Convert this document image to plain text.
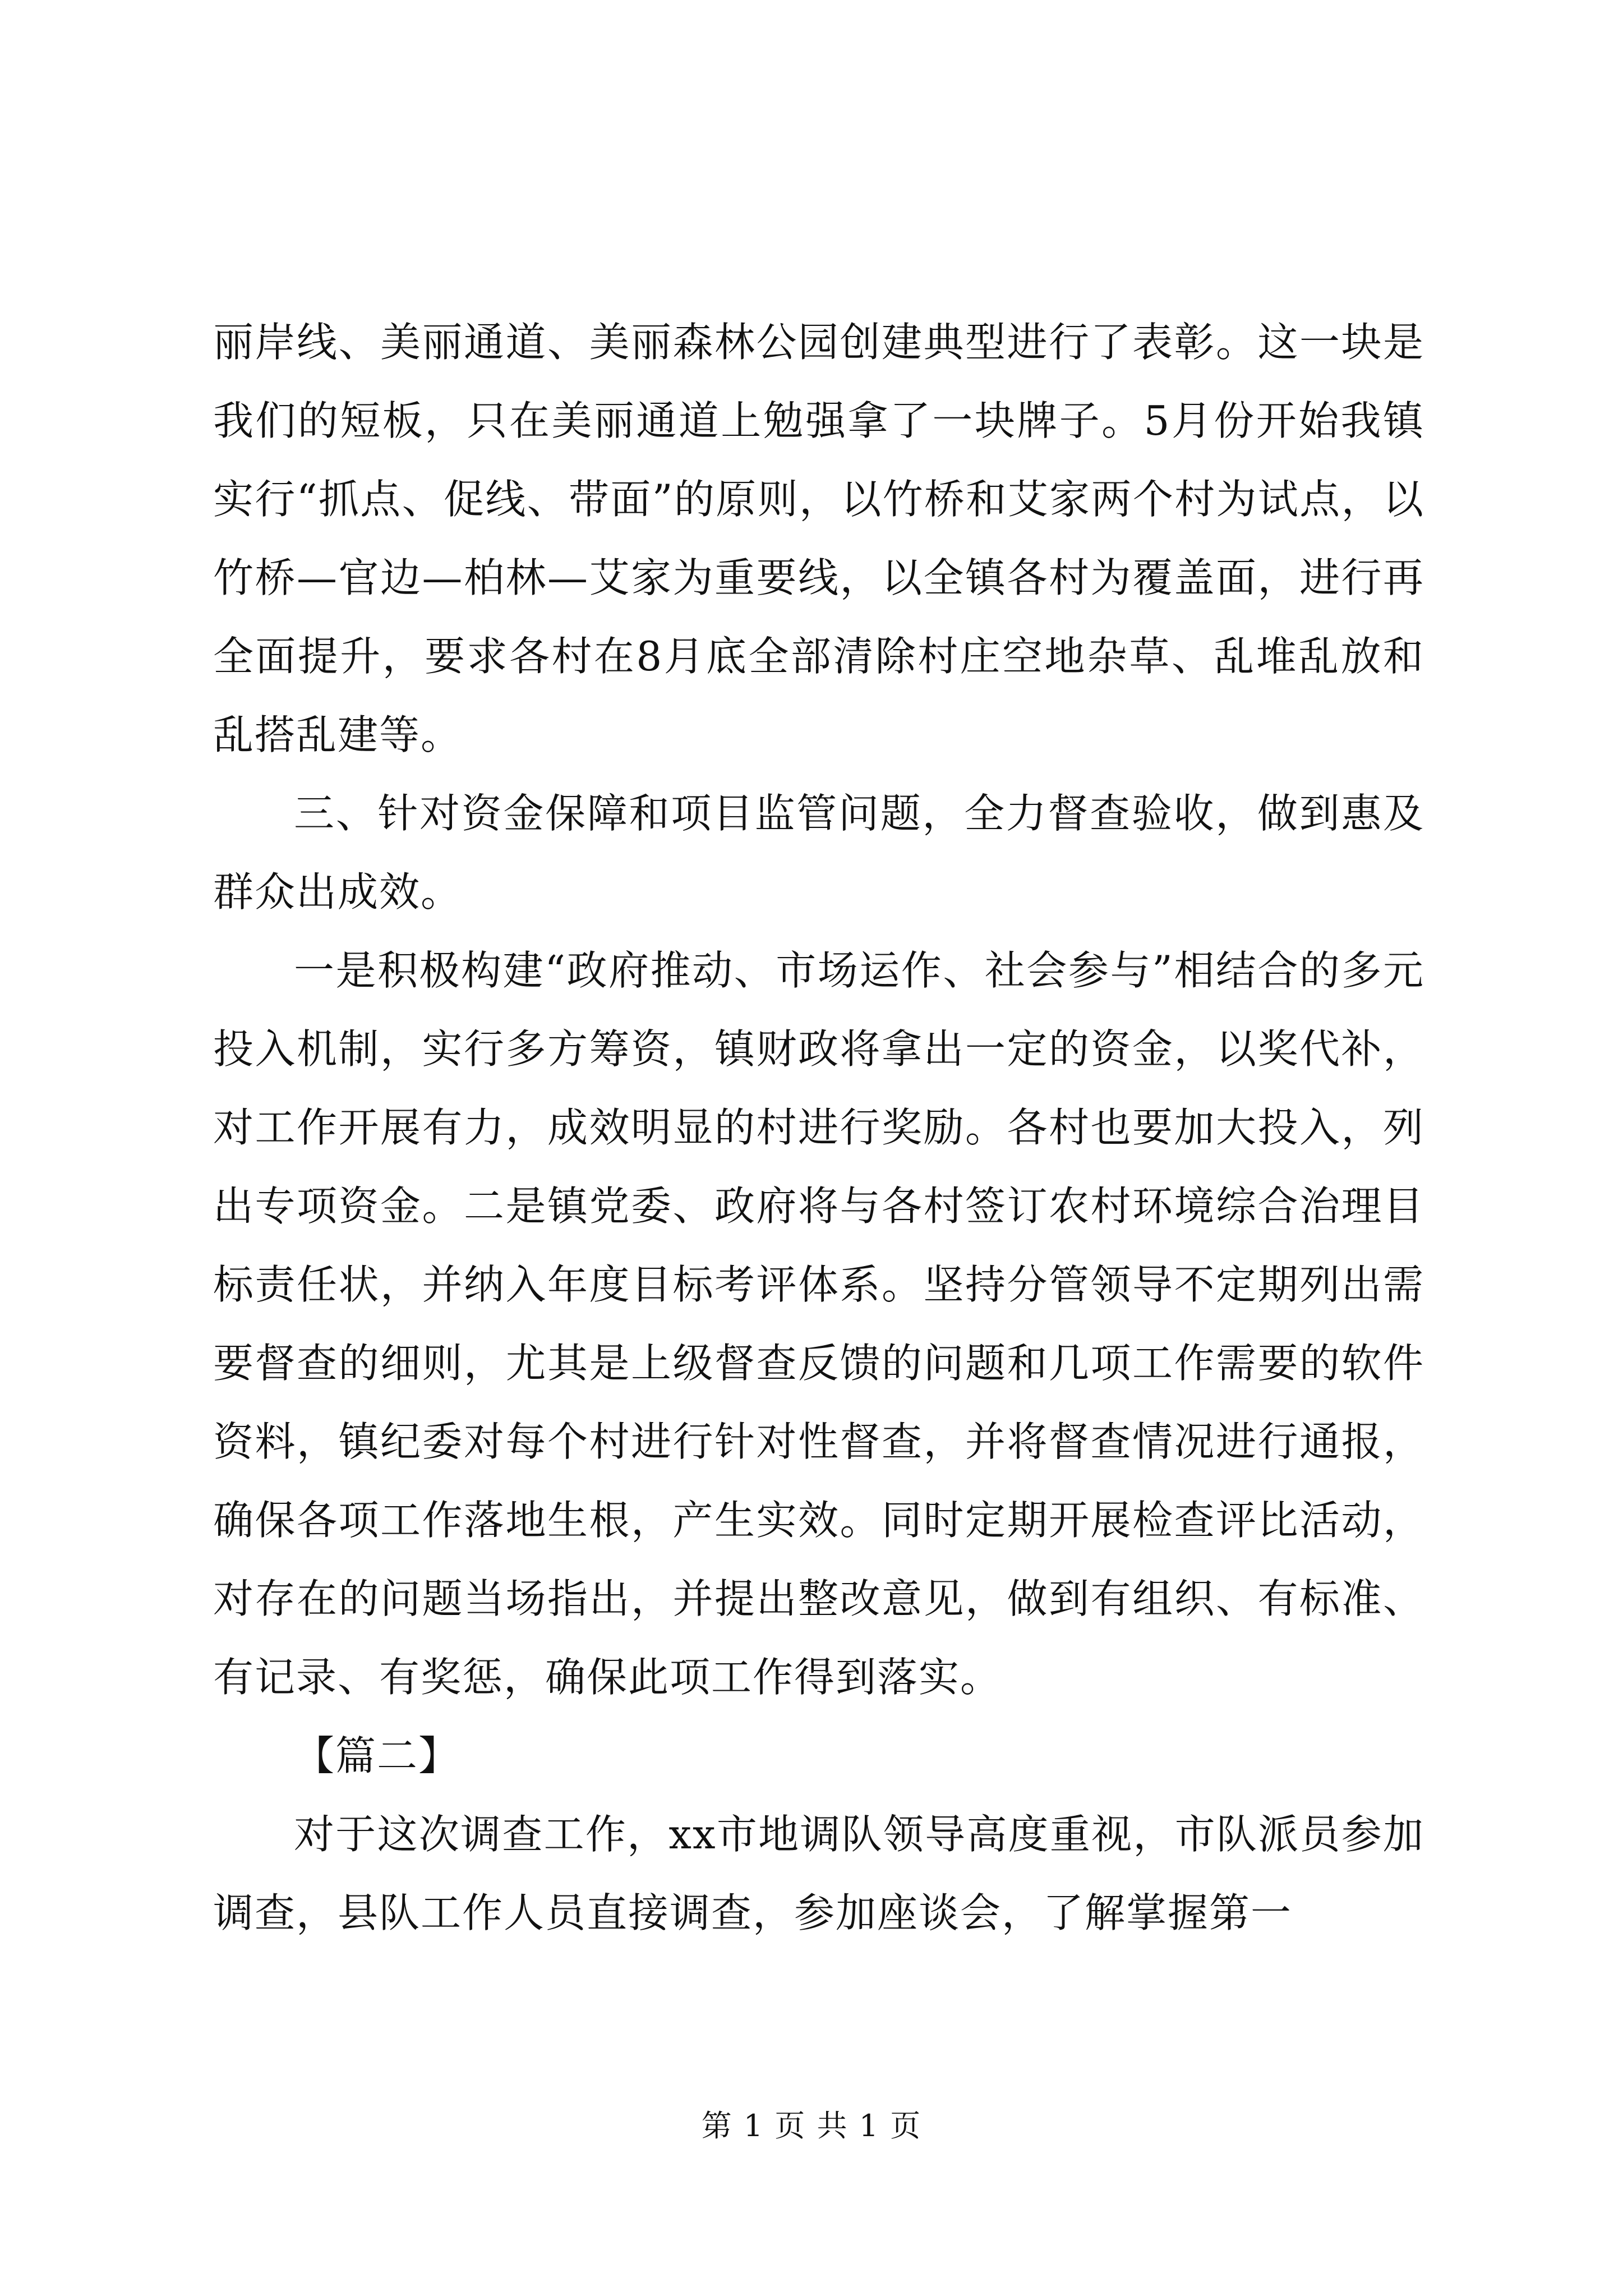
丽岸线、美丽通道、美丽森林公园创建典型进行了表彰。这一块是我们的短板，只在美丽通道上勉强拿了一块牌子。5月份开始我镇实行“抓点、促线、带面”的原则，以竹桥和艾家两个村为试点，以竹桥—官边—柏林—艾家为重要线，以全镇各村为覆盖面，进行再全面提升，要求各村在8月底全部清除村庄空地杂草、乱堆乱放和乱搭乱建等。

三、针对资金保障和项目监管问题，全力督查验收，做到惠及群众出成效。

一是积极构建“政府推动、市场运作、社会参与”相结合的多元投入机制，实行多方筹资，镇财政将拿出一定的资金，以奖代补，对工作开展有力，成效明显的村进行奖励。各村也要加大投入，列出专项资金。二是镇党委、政府将与各村签订农村环境综合治理目标责任状，并纳入年度目标考评体系。坚持分管领导不定期列出需要督查的细则，尤其是上级督查反馈的问题和几项工作需要的软件资料，镇纪委对每个村进行针对性督查，并将督查情况进行通报，确保各项工作落地生根，产生实效。同时定期开展检查评比活动，对存在的问题当场指出，并提出整改意见，做到有组织、有标准、有记录、有奖惩，确保此项工作得到落实。

【篇二】

对于这次调查工作，xx市地调队领导高度重视，市队派员参加调查，县队工作人员直接调查，参加座谈会，了解掌握第一

第 1 页 共 1 页
